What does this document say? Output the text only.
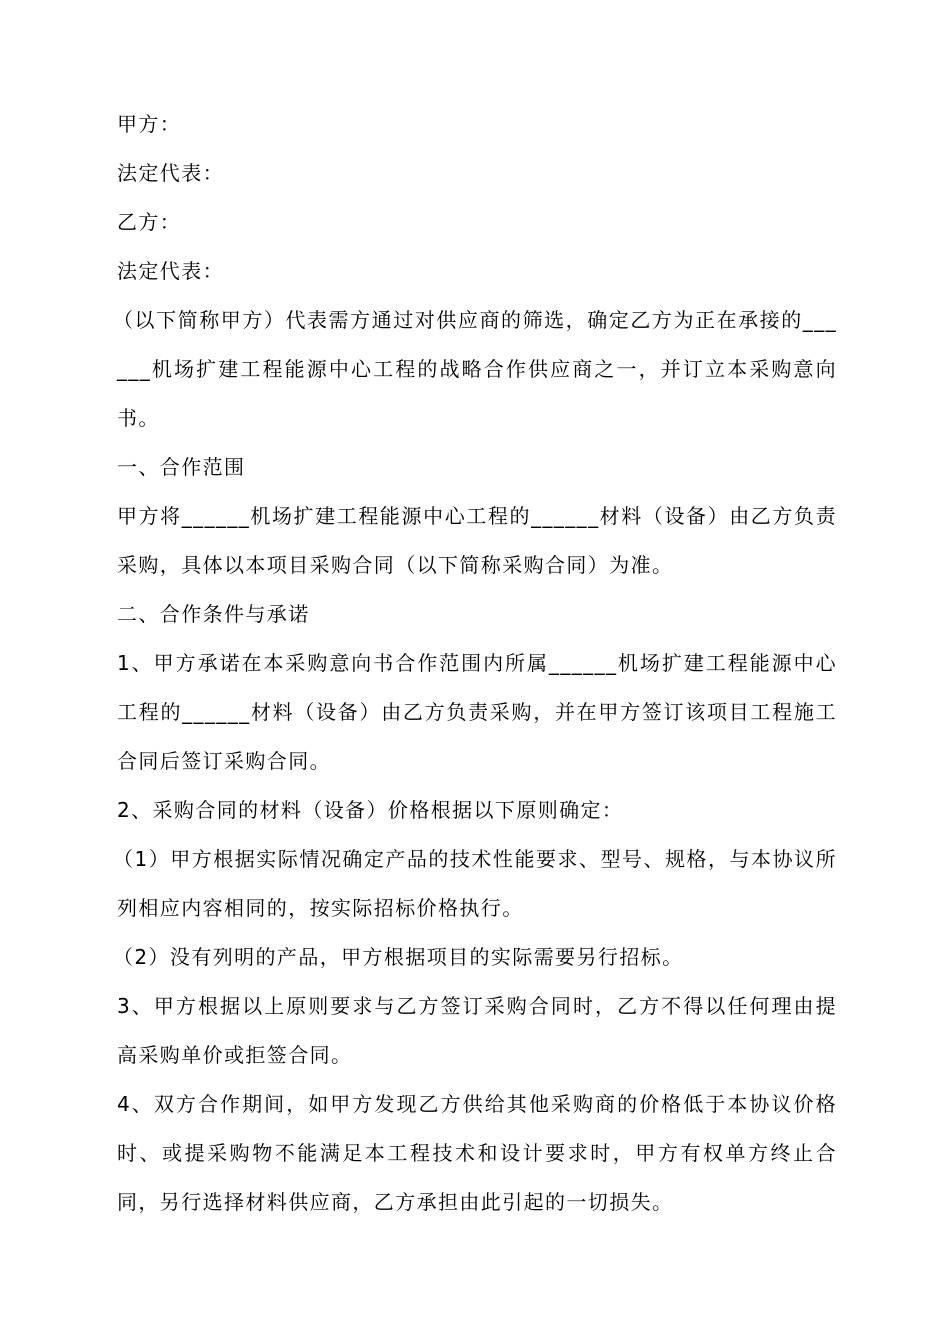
甲方：

法定代表：

乙方：

法定代表：

（以下简称甲方）代表需方通过对供应商的筛选，确定乙方为正在承接的______机场扩建工程能源中心工程的战略合作供应商之一，并订立本采购意向书。

一、合作范围

甲方将______机场扩建工程能源中心工程的______材料（设备）由乙方负责采购，具体以本项目采购合同（以下简称采购合同）为准。

二、合作条件与承诺

1、甲方承诺在本采购意向书合作范围内所属______机场扩建工程能源中心工程的______材料（设备）由乙方负责采购，并在甲方签订该项目工程施工合同后签订采购合同。

2、采购合同的材料（设备）价格根据以下原则确定：

（1）甲方根据实际情况确定产品的技术性能要求、型号、规格，与本协议所列相应内容相同的，按实际招标价格执行。

（2）没有列明的产品，甲方根据项目的实际需要另行招标。

3、甲方根据以上原则要求与乙方签订采购合同时，乙方不得以任何理由提高采购单价或拒签合同。

4、双方合作期间，如甲方发现乙方供给其他采购商的价格低于本协议价格时、或提采购物不能满足本工程技术和设计要求时，甲方有权单方终止合同，另行选择材料供应商，乙方承担由此引起的一切损失。
